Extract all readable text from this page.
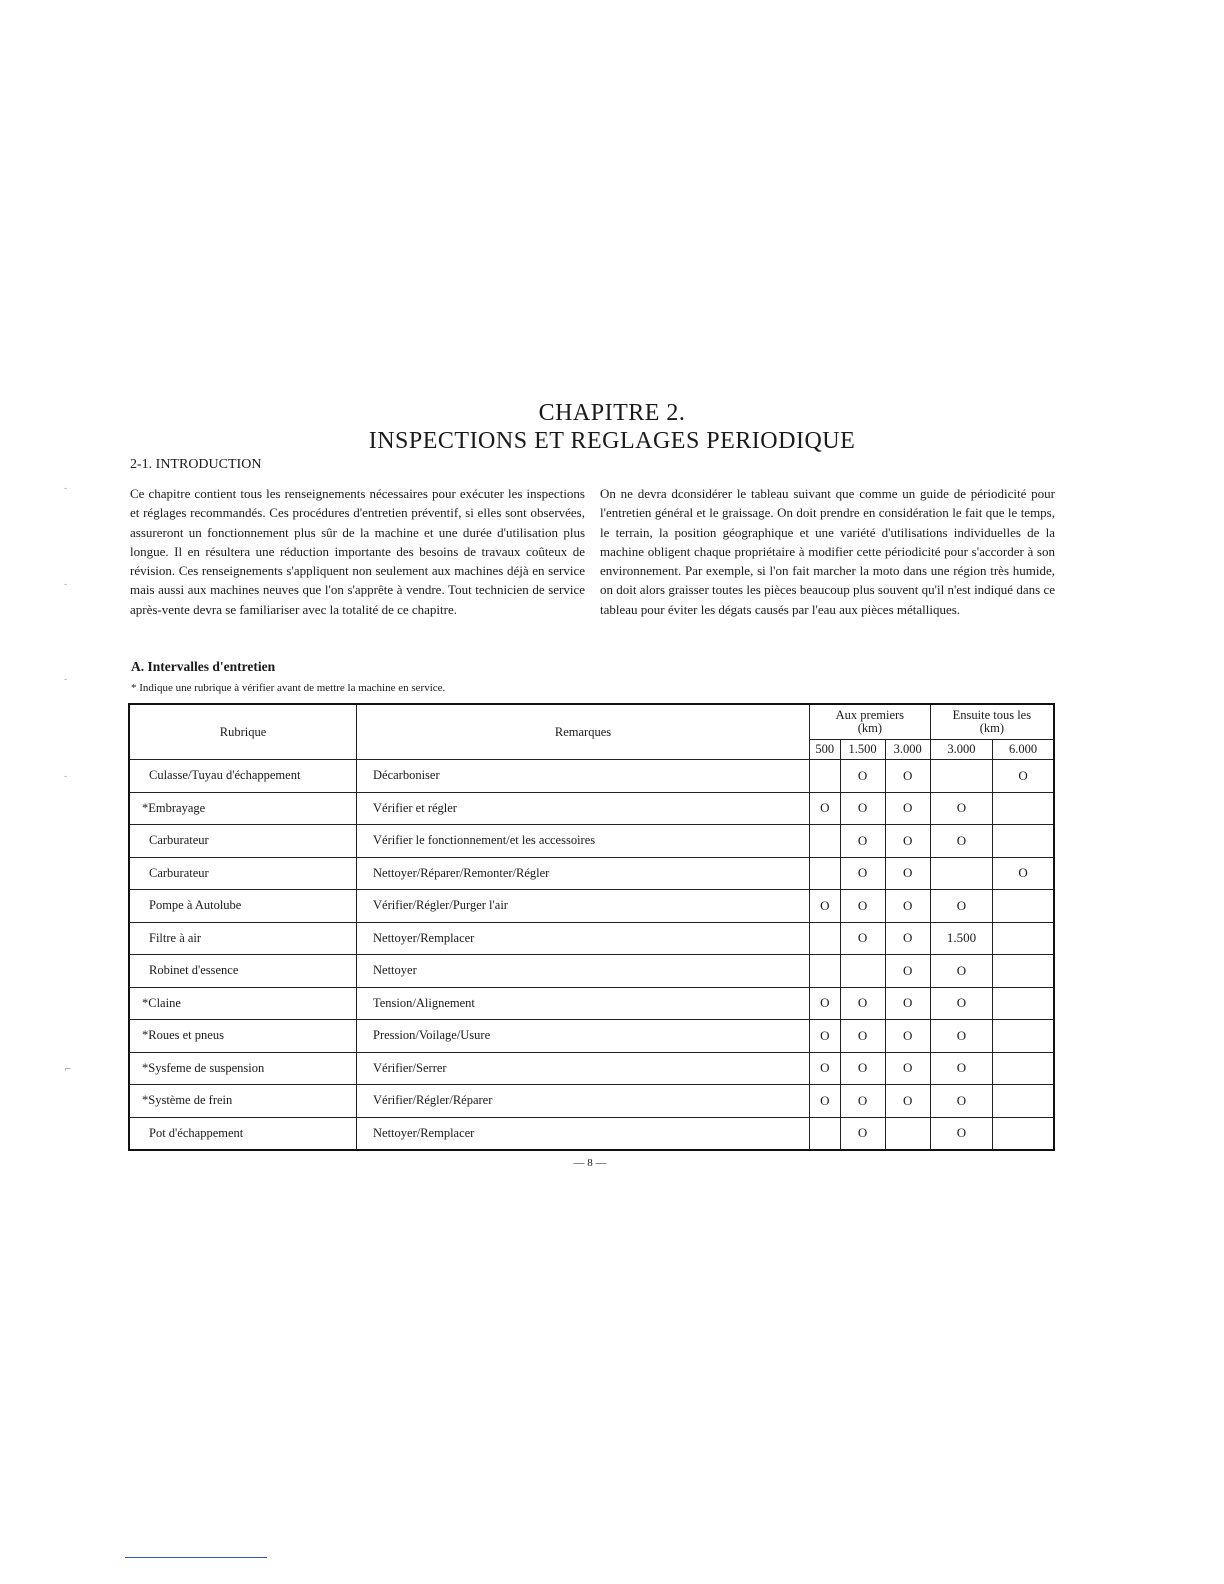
CHAPITRE 2.
INSPECTIONS ET REGLAGES PERIODIQUE
2-1. INTRODUCTION
Ce chapitre contient tous les renseignements nécessaires pour exécuter les inspections et réglages recommandés. Ces procédures d'entretien préventif, si elles sont observées, assureront un fonctionnement plus sûr de la machine et une durée d'utilisation plus longue. Il en résultera une réduction importante des besoins de travaux coûteux de révision. Ces renseignements s'appliquent non seulement aux machines déjà en service mais aussi aux machines neuves que l'on s'apprête à vendre. Tout technicien de service après-vente devra se familiariser avec la totalité de ce chapitre.
On ne devra dconsidérer le tableau suivant que comme un guide de périodicité pour l'entretien général et le graissage. On doit prendre en considération le fait que le temps, le terrain, la position géographique et une variété d'utilisations individuelles de la machine obligent chaque propriétaire à modifier cette périodicité pour s'accorder à son environnement. Par exemple, si l'on fait marcher la moto dans une région très humide, on doit alors graisser toutes les pièces beaucoup plus souvent qu'il n'est indiqué dans ce tableau pour éviter les dégats causés par l'eau aux pièces métalliques.
A. Intervalles d'entretien
* Indique une rubrique à vérifier avant de mettre la machine en service.
Rubrique	Remarques	Aux premiers
(km)			Ensuite tous les
(km)	
		500	1.500	3.000	3.000	6.000
Culasse/Tuyau d'échappement	Décarboniser		O	O		O
*Embrayage	Vérifier et régler	O	O	O	O	
Carburateur	Vérifier le fonctionnement/et les accessoires		O	O	O	
Carburateur	Nettoyer/Réparer/Remonter/Régler		O	O		O
Pompe à Autolube	Vérifier/Régler/Purger l'air	O	O	O	O	
Filtre à air	Nettoyer/Remplacer		O	O	1.500	
Robinet d'essence	Nettoyer			O	O	
*Claine	Tension/Alignement	O	O	O	O	
*Roues et pneus	Pression/Voilage/Usure	O	O	O	O	
*Sysfeme de suspension	Vérifier/Serrer	O	O	O	O	
*Système de frein	Vérifier/Régler/Réparer	O	O	O	O	
Pot d'échappement	Nettoyer/Remplacer		O		O	
— 8 —
-
-
-
-
⌐
